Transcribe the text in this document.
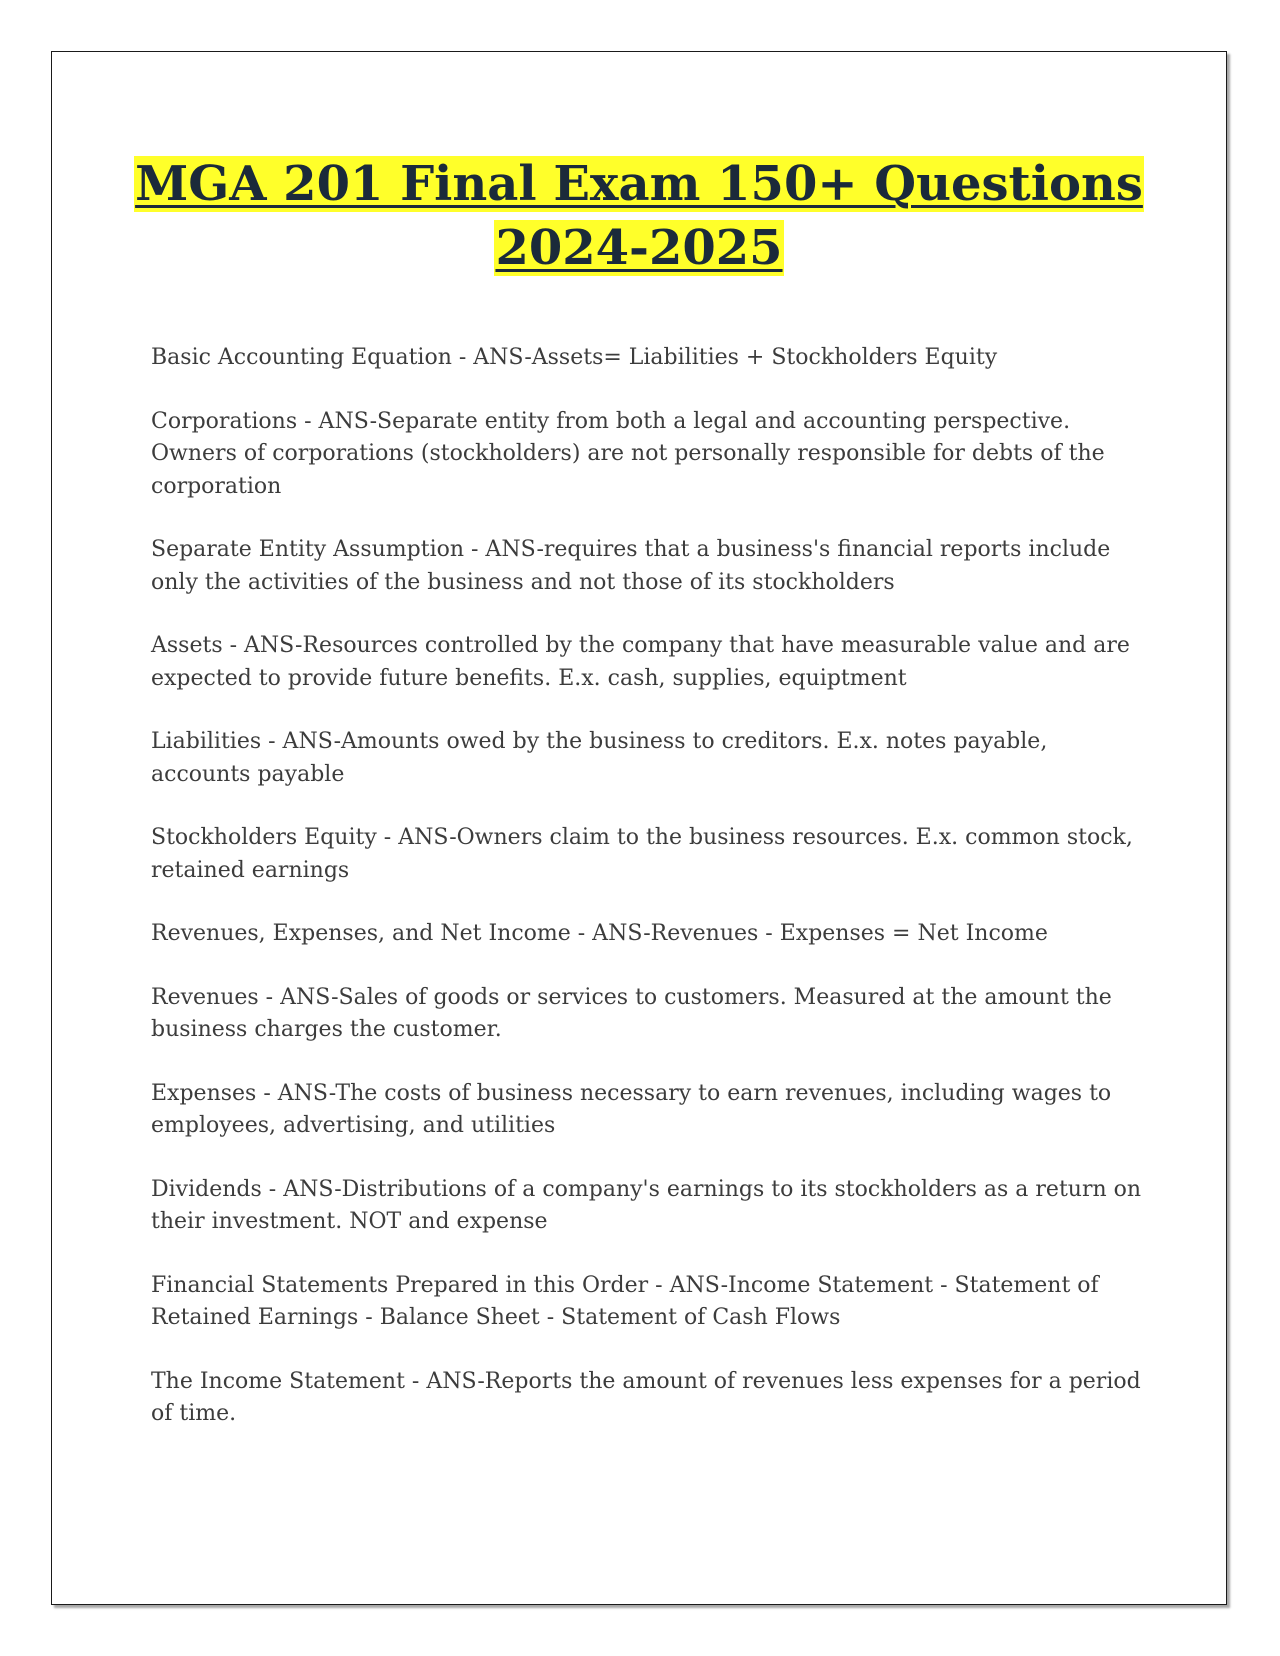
MGA 201 Final Exam 150+ Questions
2024-2025
Basic Accounting Equation - ANS-Assets= Liabilities + Stockholders Equity
Corporations - ANS-Separate entity from both a legal and accounting perspective. Owners of corporations (stockholders) are not personally responsible for debts of the corporation
Separate Entity Assumption - ANS-requires that a business's financial reports include only the activities of the business and not those of its stockholders
Assets - ANS-Resources controlled by the company that have measurable value and are expected to provide future benefits. E.x. cash, supplies, equiptment
Liabilities - ANS-Amounts owed by the business to creditors. E.x. notes payable, accounts payable
Stockholders Equity - ANS-Owners claim to the business resources. E.x. common stock, retained earnings
Revenues, Expenses, and Net Income - ANS-Revenues - Expenses = Net Income
Revenues - ANS-Sales of goods or services to customers. Measured at the amount the business charges the customer.
Expenses - ANS-The costs of business necessary to earn revenues, including wages to employees, advertising, and utilities
Dividends - ANS-Distributions of a company's earnings to its stockholders as a return on their investment. NOT and expense
Financial Statements Prepared in this Order - ANS-Income Statement - Statement of Retained Earnings - Balance Sheet - Statement of Cash Flows
The Income Statement - ANS-Reports the amount of revenues less expenses for a period of time.
